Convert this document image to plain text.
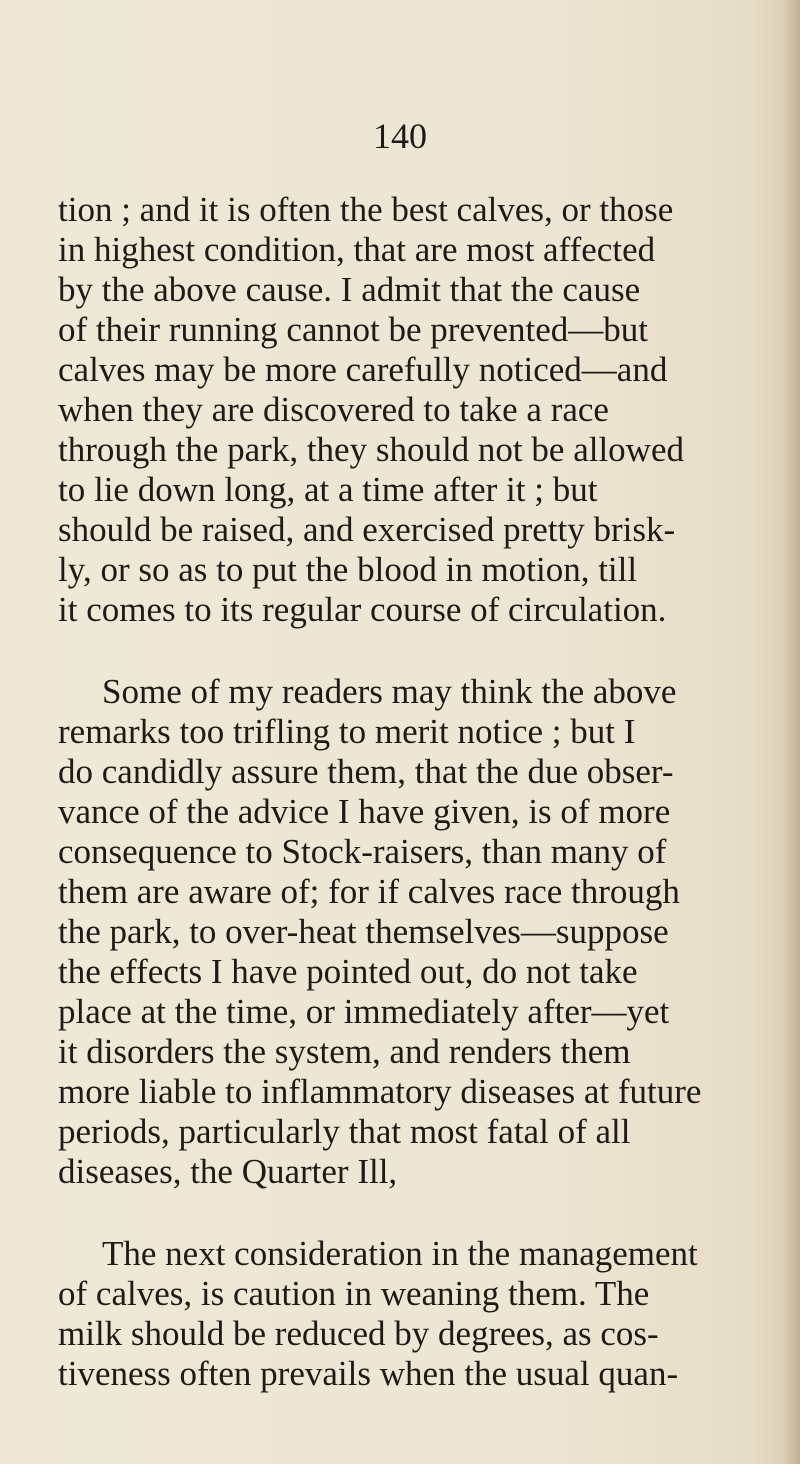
140
tion ; and it is often the best calves, or those
in highest condition, that are most affected
by the above cause. I admit that the cause
of their running cannot be prevented—but
calves may be more carefully noticed—and
when they are discovered to take a race
through the park, they should not be allowed
to lie down long, at a time after it ; but
should be raised, and exercised pretty brisk-
ly, or so as to put the blood in motion, till
it comes to its regular course of circulation.
Some of my readers may think the above
remarks too trifling to merit notice ; but I
do candidly assure them, that the due obser-
vance of the advice I have given, is of more
consequence to Stock-raisers, than many of
them are aware of; for if calves race through
the park, to over-heat themselves—suppose
the effects I have pointed out, do not take
place at the time, or immediately after—yet
it disorders the system, and renders them
more liable to inflammatory diseases at future
periods, particularly that most fatal of all
diseases, the Quarter Ill,
The next consideration in the management
of calves, is caution in weaning them. The
milk should be reduced by degrees, as cos-
tiveness often prevails when the usual quan-
